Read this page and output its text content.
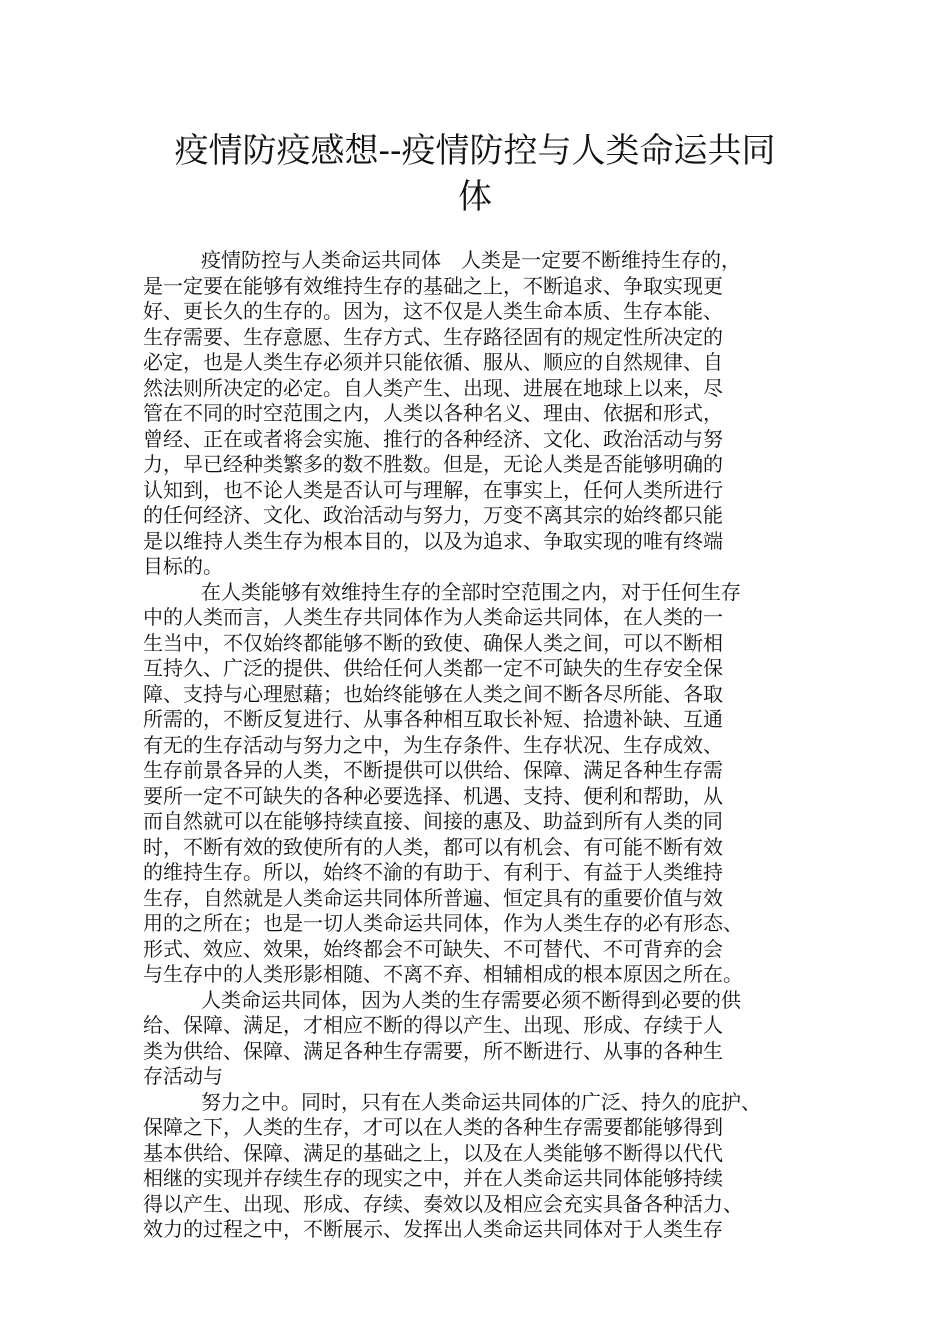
疫情防疫感想--疫情防控与人类命运共同
体
疫情防控与人类命运共同体　人类是一定要不断维持生存的，
是一定要在能够有效维持生存的基础之上，不断追求、争取实现更
好、更长久的生存的。因为，这不仅是人类生命本质、生存本能、
生存需要、生存意愿、生存方式、生存路径固有的规定性所决定的
必定，也是人类生存必须并只能依循、服从、顺应的自然规律、自
然法则所决定的必定。自人类产生、出现、进展在地球上以来，尽
管在不同的时空范围之内，人类以各种名义、理由、依据和形式，
曾经、正在或者将会实施、推行的各种经济、文化、政治活动与努
力，早已经种类繁多的数不胜数。但是，无论人类是否能够明确的
认知到，也不论人类是否认可与理解，在事实上，任何人类所进行
的任何经济、文化、政治活动与努力，万变不离其宗的始终都只能
是以维持人类生存为根本目的，以及为追求、争取实现的唯有终端
目标的。
在人类能够有效维持生存的全部时空范围之内，对于任何生存
中的人类而言，人类生存共同体作为人类命运共同体，在人类的一
生当中，不仅始终都能够不断的致使、确保人类之间，可以不断相
互持久、广泛的提供、供给任何人类都一定不可缺失的生存安全保
障、支持与心理慰藉；也始终能够在人类之间不断各尽所能、各取
所需的，不断反复进行、从事各种相互取长补短、拾遗补缺、互通
有无的生存活动与努力之中，为生存条件、生存状况、生存成效、
生存前景各异的人类，不断提供可以供给、保障、满足各种生存需
要所一定不可缺失的各种必要选择、机遇、支持、便利和帮助，从
而自然就可以在能够持续直接、间接的惠及、助益到所有人类的同
时，不断有效的致使所有的人类，都可以有机会、有可能不断有效
的维持生存。所以，始终不渝的有助于、有利于、有益于人类维持
生存，自然就是人类命运共同体所普遍、恒定具有的重要价值与效
用的之所在；也是一切人类命运共同体，作为人类生存的必有形态、
形式、效应、效果，始终都会不可缺失、不可替代、不可背弃的会
与生存中的人类形影相随、不离不弃、相辅相成的根本原因之所在。
人类命运共同体，因为人类的生存需要必须不断得到必要的供
给、保障、满足，才相应不断的得以产生、出现、形成、存续于人
类为供给、保障、满足各种生存需要，所不断进行、从事的各种生
存活动与
努力之中。同时，只有在人类命运共同体的广泛、持久的庇护、
保障之下，人类的生存，才可以在人类的各种生存需要都能够得到
基本供给、保障、满足的基础之上，以及在人类能够不断得以代代
相继的实现并存续生存的现实之中，并在人类命运共同体能够持续
得以产生、出现、形成、存续、奏效以及相应会充实具备各种活力、
效力的过程之中，不断展示、发挥出人类命运共同体对于人类生存
